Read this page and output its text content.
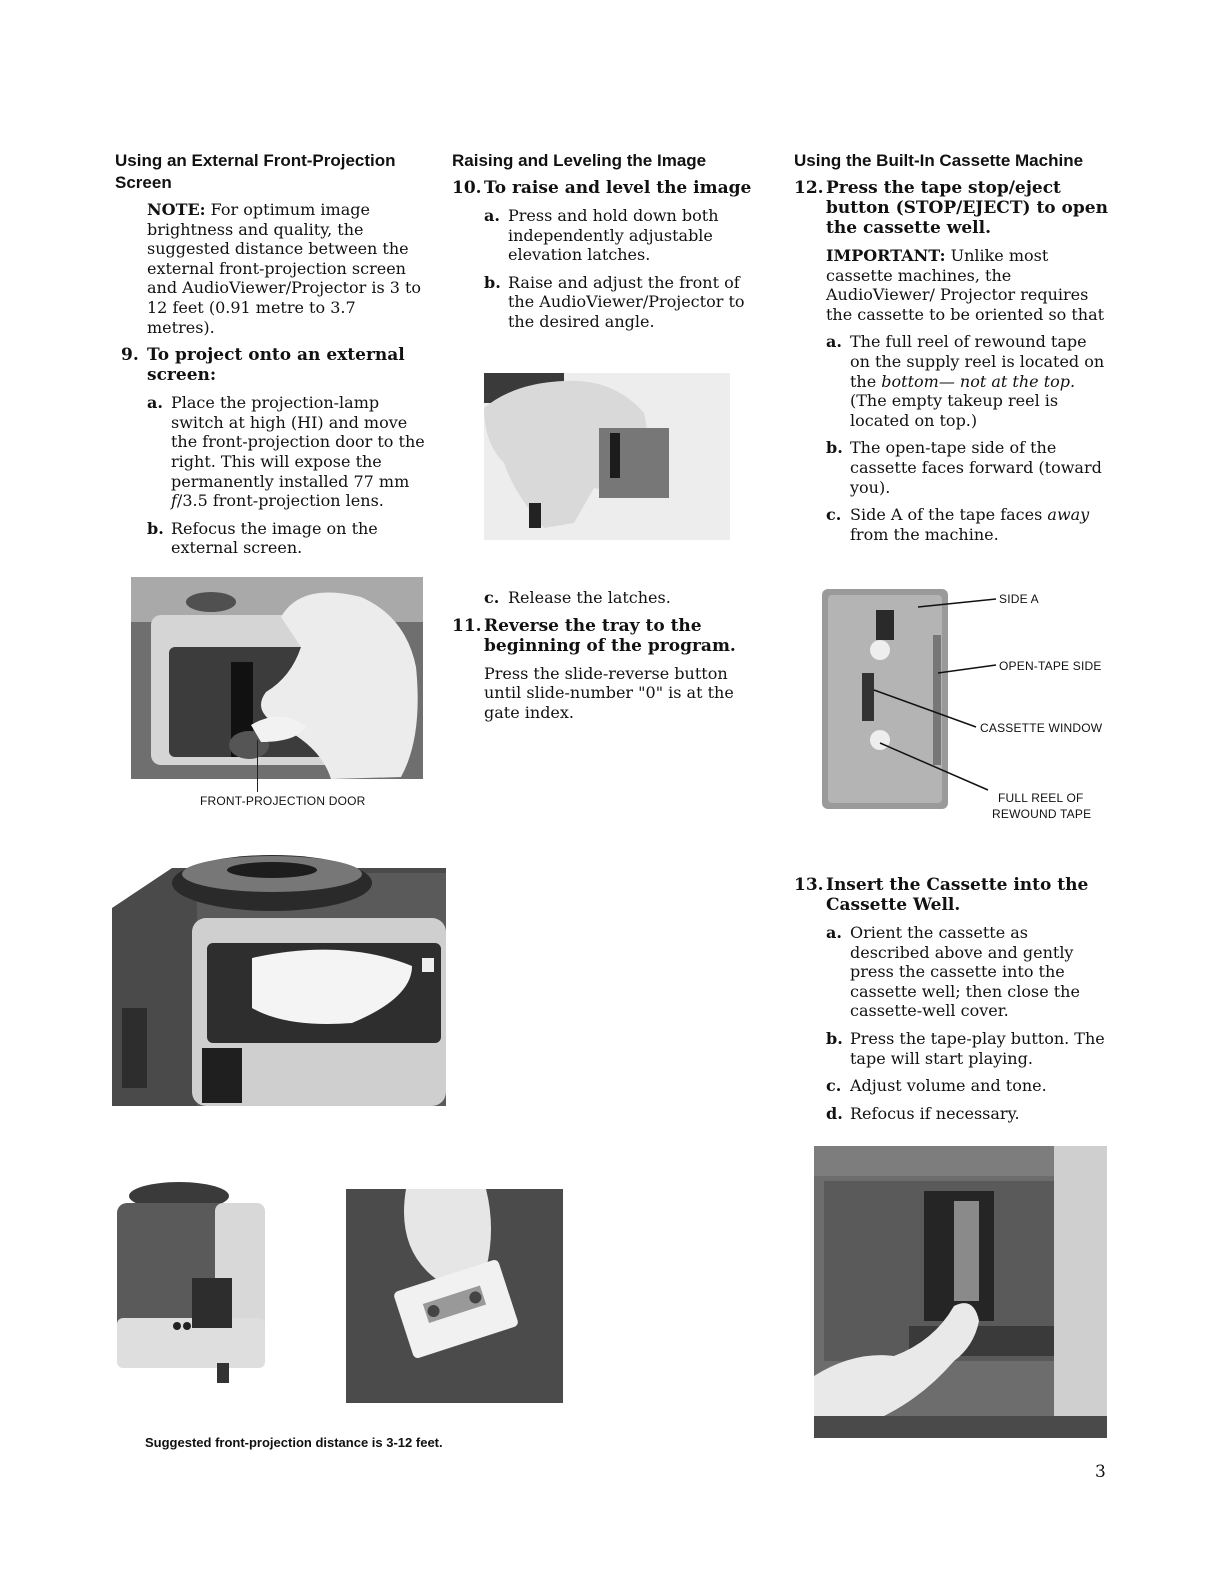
Using an External Front-Projection Screen
NOTE: For optimum image brightness and quality, the suggested distance between the external front-projection screen and AudioViewer/Projector is 3 to 12 feet (0.91 metre to 3.7 metres).
9. To project onto an external screen:
a. Place the projection-lamp switch at high (HI) and move the front-projection door to the right. This will expose the permanently installed 77 mm f/3.5 front-projection lens.
b. Refocus the image on the external screen.
FRONT-PROJECTION DOOR
Suggested front-projection distance is 3-12 feet.
Raising and Leveling the Image
10. To raise and level the image
a. Press and hold down both independently adjustable elevation latches.
b. Raise and adjust the front of the AudioViewer/Projector to the desired angle.
c. Release the latches.
11. Reverse the tray to the beginning of the program.
Press the slide-reverse button until slide-number "0" is at the gate index.
Using the Built-In Cassette Machine
12. Press the tape stop/eject button (STOP/EJECT) to open the cassette well.
IMPORTANT: Unlike most cassette machines, the AudioViewer/ Projector requires the cassette to be oriented so that
a. The full reel of rewound tape on the supply reel is located on the bottom— not at the top. (The empty takeup reel is located on top.)
b. The open-tape side of the cassette faces forward (toward you).
c. Side A of the tape faces away from the machine.
SIDE A
OPEN-TAPE SIDE
CASSETTE WINDOW
FULL REEL OF
REWOUND TAPE
13. Insert the Cassette into the Cassette Well.
a. Orient the cassette as described above and gently press the cassette into the cassette well; then close the cassette-well cover.
b. Press the tape-play button. The tape will start playing.
c. Adjust volume and tone.
d. Refocus if necessary.
3
